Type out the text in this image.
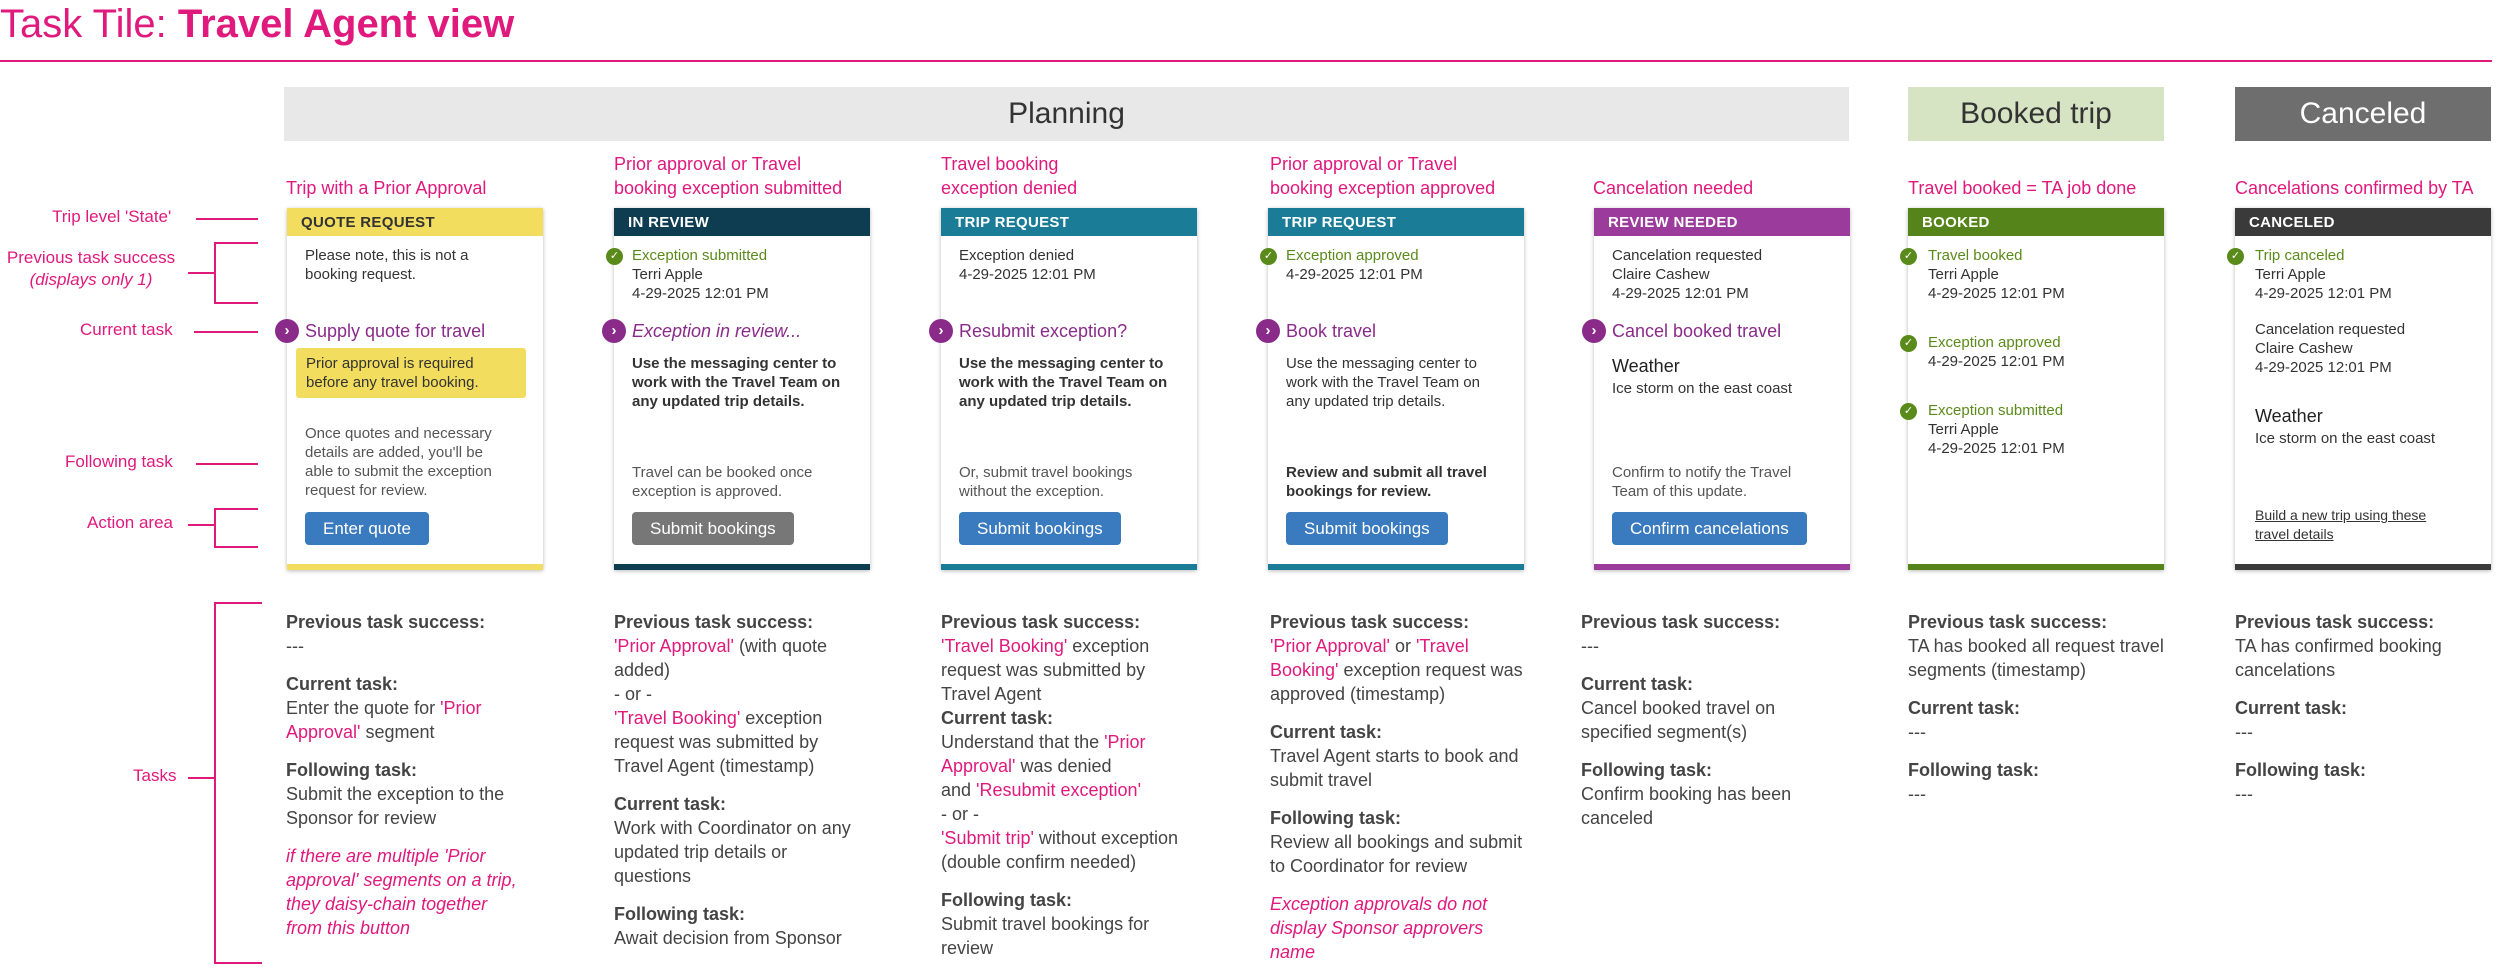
Task Tile: Travel Agent view
Planning	Booked trip	Canceled
Trip level 'State'
Previous task success
(displays only 1)
Current task
Following task
Action area
Tasks
Trip with a Prior Approval
Prior approval or Travel
booking exception submitted
Travel booking
exception denied
Prior approval or Travel
booking exception approved	Cancelation needed	Travel booked = TA job done	Cancelations confirmed by TA
QUOTE REQUEST
Please note, this is not a
booking request.
› Supply quote for travel
Prior approval is required
before any travel booking.
Once quotes and necessary
details are added, you'll be
able to submit the exception
request for review.
Enter quote
IN REVIEW
✓ Exception submitted
Terri Apple
4-29-2025 12:01 PM
› Exception in review...
Use the messaging center to
work with the Travel Team on
any updated trip details.
Travel can be booked once
exception is approved.
Submit bookings
TRIP REQUEST
Exception denied
4-29-2025 12:01 PM
› Resubmit exception?
Use the messaging center to
work with the Travel Team on
any updated trip details.
Or, submit travel bookings
without the exception.
Submit bookings
TRIP REQUEST
✓ Exception approved
4-29-2025 12:01 PM
› Book travel
Use the messaging center to
work with the Travel Team on
any updated trip details.
Review and submit all travel
bookings for review.
Submit bookings
REVIEW NEEDED
Cancelation requested
Claire Cashew
4-29-2025 12:01 PM
› Cancel booked travel
Weather
Ice storm on the east coast
Confirm to notify the Travel
Team of this update.
Confirm cancelations
BOOKED
✓ Travel booked
Terri Apple
4-29-2025 12:01 PM
✓ Exception approved
4-29-2025 12:01 PM
✓ Exception submitted
Terri Apple
4-29-2025 12:01 PM
CANCELED
✓ Trip canceled
Terri Apple
4-29-2025 12:01 PM
Cancelation requested
Claire Cashew
4-29-2025 12:01 PM
Weather
Ice storm on the east coast
Build a new trip using these
travel details
Previous task success:
---
Current task:
Enter the quote for 'Prior
Approval' segment
Following task:
Submit the exception to the
Sponsor for review
if there are multiple 'Prior
approval' segments on a trip,
they daisy-chain together
from this button
Previous task success:
'Prior Approval' (with quote
added)
- or -
'Travel Booking' exception
request was submitted by
Travel Agent (timestamp)
Current task:
Work with Coordinator on any
updated trip details or
questions
Following task:
Await decision from Sponsor
Previous task success:
'Travel Booking' exception
request was submitted by
Travel Agent
Current task:
Understand that the 'Prior
Approval' was denied
and 'Resubmit exception'
- or -
'Submit trip' without exception
(double confirm needed)
Following task:
Submit travel bookings for
review
Previous task success:
'Prior Approval' or 'Travel
Booking' exception request was
approved (timestamp)
Current task:
Travel Agent starts to book and
submit travel
Following task:
Review all bookings and submit
to Coordinator for review
Exception approvals do not
display Sponsor approvers
name
Previous task success:
---
Current task:
Cancel booked travel on
specified segment(s)
Following task:
Confirm booking has been
canceled
Previous task success:
TA has booked all request travel
segments (timestamp)
Current task:
---
Following task:
---
Previous task success:
TA has confirmed booking
cancelations
Current task:
---
Following task:
---
